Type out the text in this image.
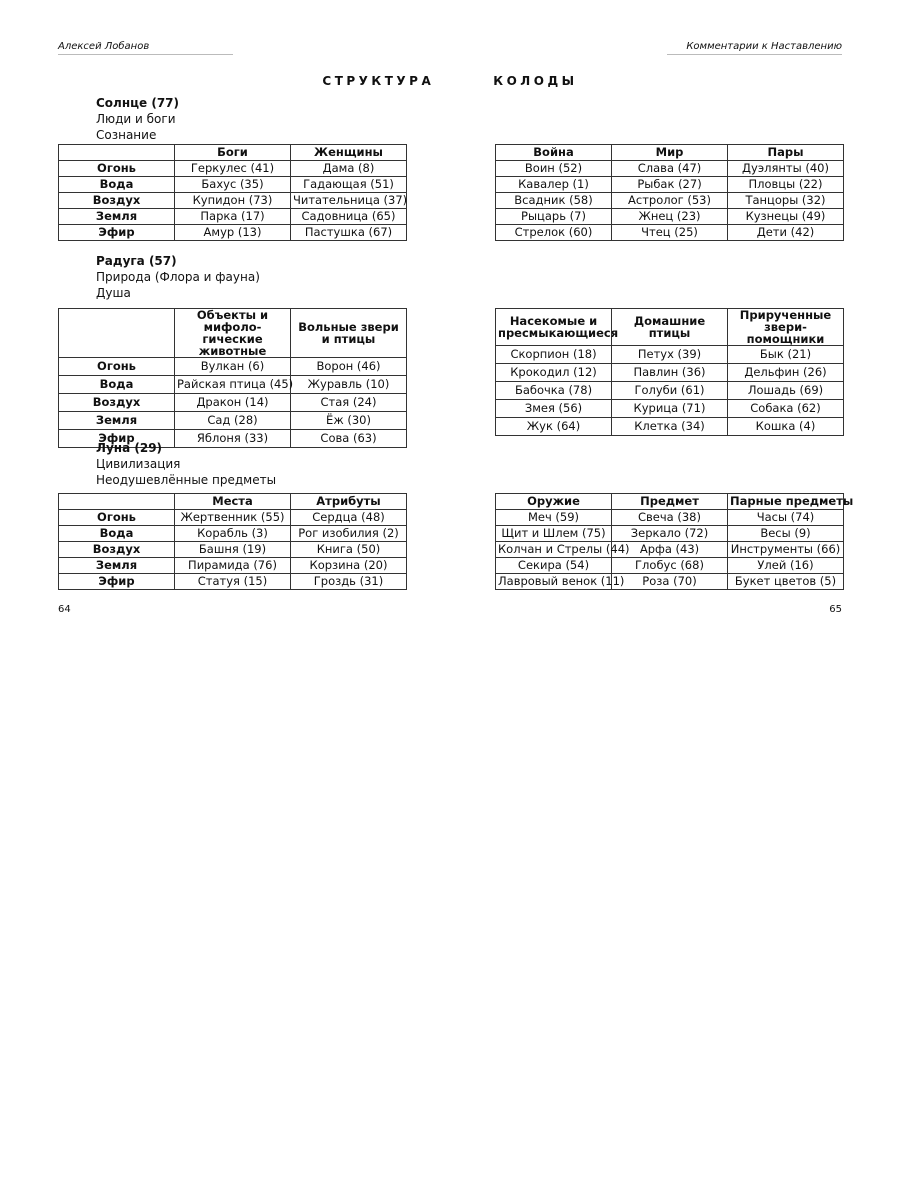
Алексей Лобанов	Комментарии к Наставлению
СТРУКТУРА   КОЛОДЫ
Солнце (77)
Люди и боги
Сознание
	Боги	Женщины
Огонь	Геркулес (41)	Дама (8)
Вода	Бахус (35)	Гадающая (51)
Воздух	Купидон (73)	Читательница (37)
Земля	Парка (17)	Садовница (65)
Эфир	Амур (13)	Пастушка (67)
Война	Мир	Пары
Воин (52)	Слава (47)	Дуэлянты (40)
Кавалер (1)	Рыбак (27)	Пловцы (22)
Всадник (58)	Астролог (53)	Танцоры (32)
Рыцарь (7)	Жнец (23)	Кузнецы (49)
Стрелок (60)	Чтец (25)	Дети (42)
Радуга (57)
Природа (Флора и фауна)
Душа
	Объекты и мифоло-гические животные	Вольные звери и птицы
Огонь	Вулкан (6)	Ворон (46)
Вода	Райская птица (45)	Журавль (10)
Воздух	Дракон (14)	Стая (24)
Земля	Сад (28)	Ёж (30)
Эфир	Яблоня (33)	Сова (63)
Насекомые и пресмыкающиеся	Домашние птицы	Прирученные звери-помощники
Скорпион (18)	Петух (39)	Бык (21)
Крокодил (12)	Павлин (36)	Дельфин (26)
Бабочка (78)	Голуби (61)	Лошадь (69)
Змея (56)	Курица (71)	Собака (62)
Жук (64)	Клетка (34)	Кошка (4)
Луна (29)
Цивилизация
Неодушевлённые предметы
	Места	Атрибуты
Огонь	Жертвенник (55)	Сердца (48)
Вода	Корабль (3)	Рог изобилия (2)
Воздух	Башня (19)	Книга (50)
Земля	Пирамида (76)	Корзина (20)
Эфир	Статуя (15)	Гроздь (31)
Оружие	Предмет	Парные предметы
Меч (59)	Свеча (38)	Часы (74)
Щит и Шлем (75)	Зеркало (72)	Весы (9)
Колчан и Стрелы (44)	Арфа (43)	Инструменты (66)
Секира (54)	Глобус (68)	Улей (16)
Лавровый венок (11)	Роза (70)	Букет цветов (5)
64	65
